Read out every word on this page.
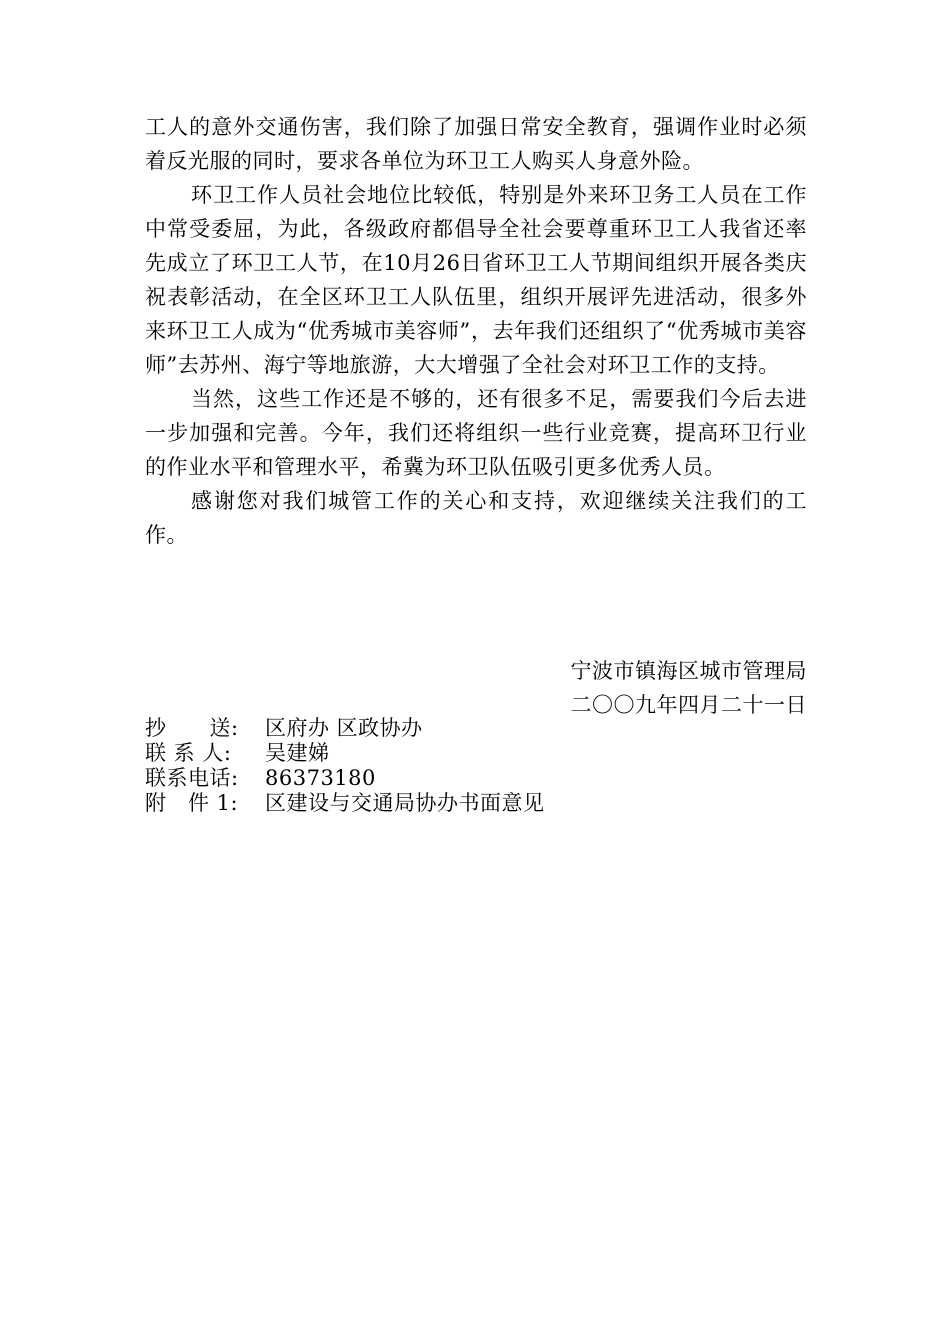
工人的意外交通伤害，我们除了加强日常安全教育，强调作业时必须着反光服的同时，要求各单位为环卫工人购买人身意外险。

环卫工作人员社会地位比较低，特别是外来环卫务工人员在工作中常受委屈，为此，各级政府都倡导全社会要尊重环卫工人我省还率先成立了环卫工人节，在10月26日省环卫工人节期间组织开展各类庆祝表彰活动，在全区环卫工人队伍里，组织开展评先进活动，很多外来环卫工人成为“优秀城市美容师”，去年我们还组织了“优秀城市美容师”去苏州、海宁等地旅游，大大增强了全社会对环卫工作的支持。

当然，这些工作还是不够的，还有很多不足，需要我们今后去进一步加强和完善。今年，我们还将组织一些行业竞赛，提高环卫行业的作业水平和管理水平，希冀为环卫队伍吸引更多优秀人员。

感谢您对我们城管工作的关心和支持，欢迎继续关注我们的工作。

宁波市镇海区城市管理局
二〇〇九年四月二十一日
抄　　送: 区府办 区政协办
联 系 人: 吴建娣
联系电话: 86373180
附　件 1: 区建设与交通局协办书面意见
